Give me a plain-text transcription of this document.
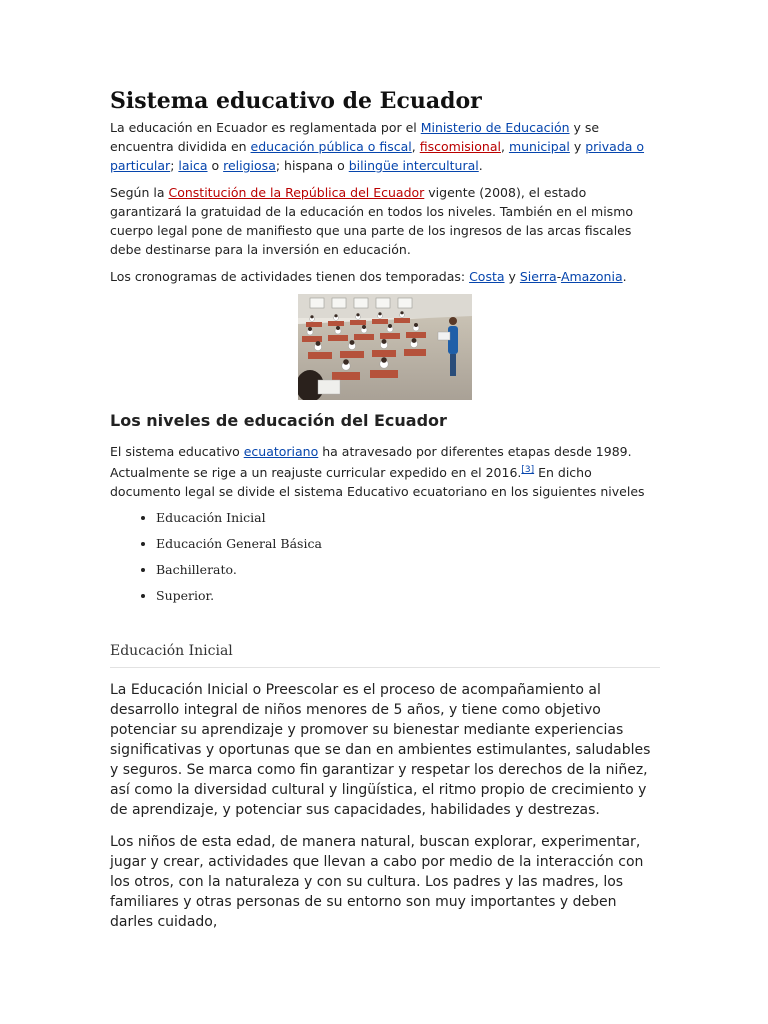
Sistema educativo de Ecuador

La educación en Ecuador es reglamentada por el Ministerio de Educación y se encuentra dividida en educación pública o fiscal, fiscomisional, municipal y privada o particular; laica o religiosa; hispana o bilingüe intercultural.

Según la Constitución de la República del Ecuador vigente (2008), el estado garantizará la gratuidad de la educación en todos los niveles. También en el mismo cuerpo legal pone de manifiesto que una parte de los ingresos de las arcas fiscales debe destinarse para la inversión en educación.

Los cronogramas de actividades tienen dos temporadas: Costa y Sierra-Amazonia.

Los niveles de educación del Ecuador

El sistema educativo ecuatoriano ha atravesado por diferentes etapas desde 1989. Actualmente se rige a un reajuste curricular expedido en el 2016.[3] En dicho documento legal se divide el sistema Educativo ecuatoriano en los siguientes niveles

• Educación Inicial
• Educación General Básica
• Bachillerato.
• Superior.
Educación Inicial

La Educación Inicial o Preescolar es el proceso de acompañamiento al desarrollo integral de niños menores de 5 años, y tiene como objetivo potenciar su aprendizaje y promover su bienestar mediante experiencias significativas y oportunas que se dan en ambientes estimulantes, saludables y seguros. Se marca como fin garantizar y respetar los derechos de la niñez, así como la diversidad cultural y lingüística, el ritmo propio de crecimiento y de aprendizaje, y potenciar sus capacidades, habilidades y destrezas.

Los niños de esta edad, de manera natural, buscan explorar, experimentar, jugar y crear, actividades que llevan a cabo por medio de la interacción con los otros, con la naturaleza y con su cultura. Los padres y las madres, los familiares y otras personas de su entorno son muy importantes y deben darles cuidado,
